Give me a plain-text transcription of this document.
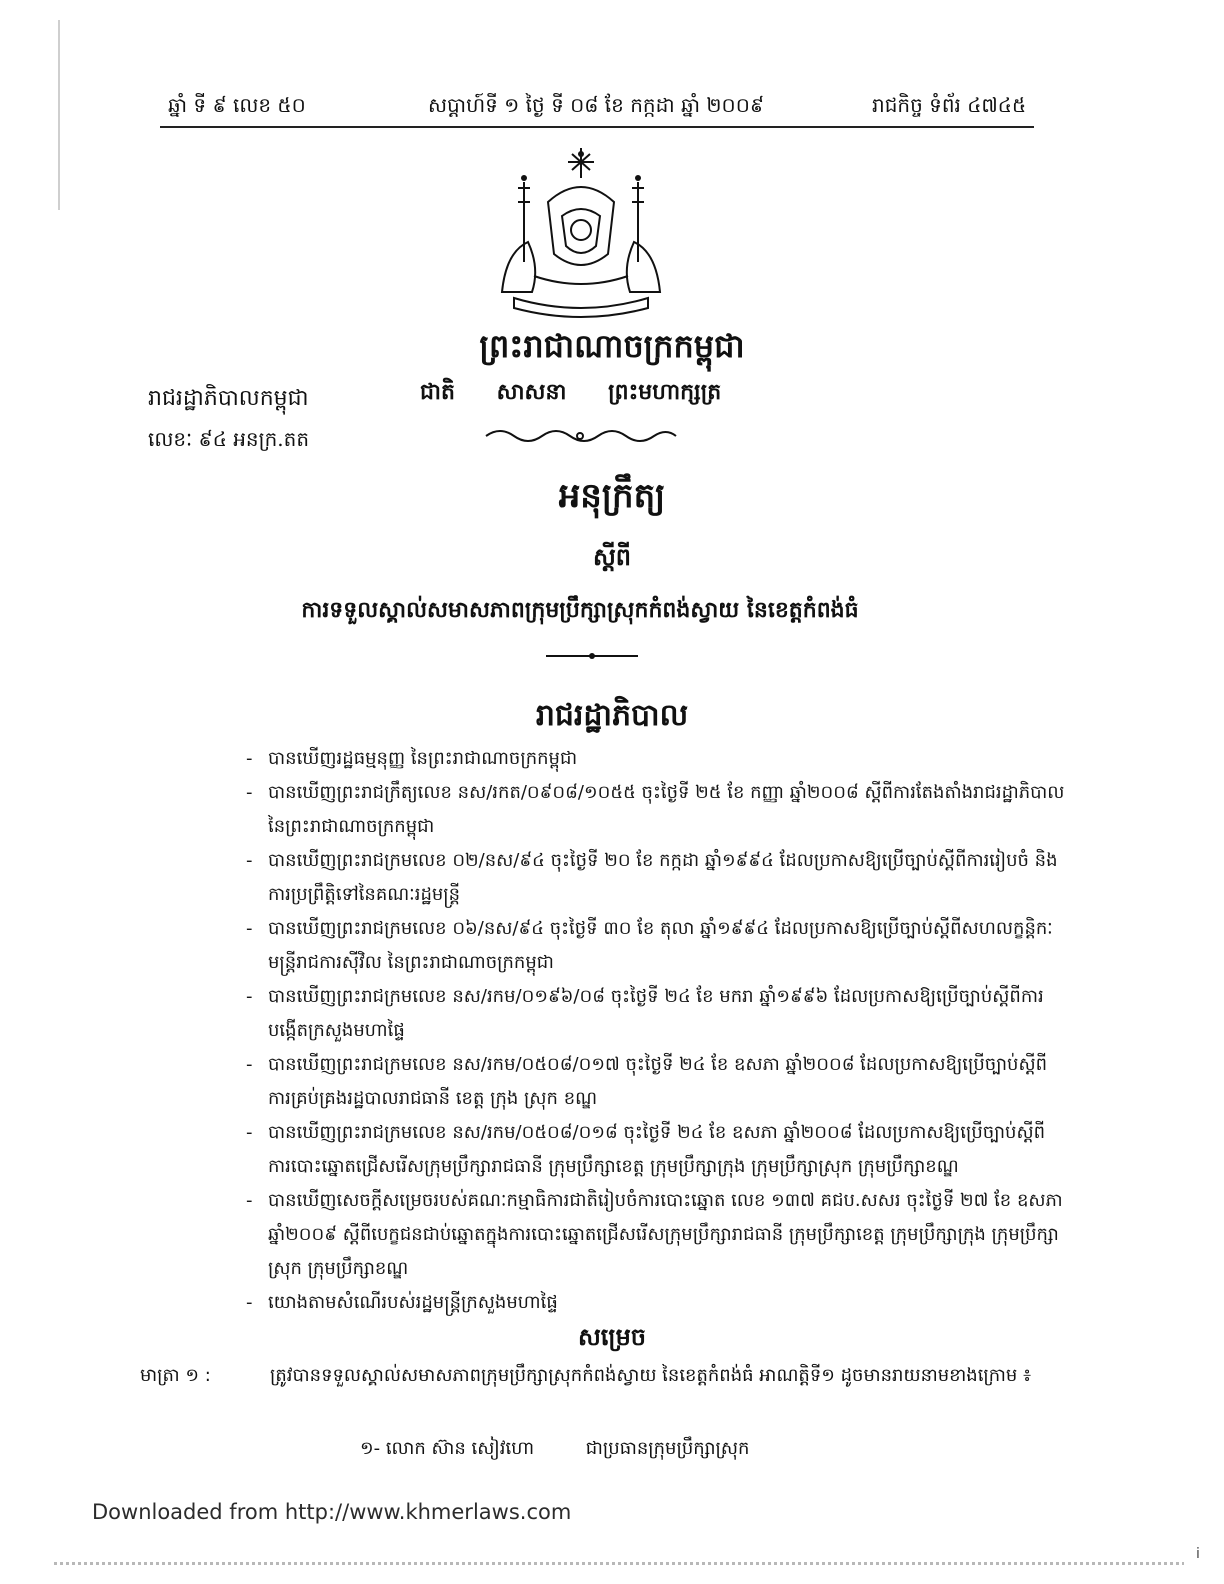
ឆ្នាំ ទី ៩ លេខ ៥០	សប្តាហ៍ទី ១ ថ្ងៃ ទី ០៨ ខែ កក្កដា ឆ្នាំ ២០០៩	រាជកិច្ច ទំព័រ ៤៧៤៥
ព្រះរាជាណាចក្រកម្ពុជា
រាជរដ្ឋាភិបាលកម្ពុជា	ជាតិ សាសនា ព្រះមហាក្សត្រ
លេខៈ ៩៤ អនក្រ.តត
អនុក្រឹត្យ
ស្តីពី
ការទទួលស្គាល់សមាសភាពក្រុមប្រឹក្សាស្រុកកំពង់ស្វាយ នៃខេត្តកំពង់ធំ
រាជរដ្ឋាភិបាល
- បានឃើញរដ្ឋធម្មនុញ្ញ នៃព្រះរាជាណាចក្រកម្ពុជា
- បានឃើញព្រះរាជក្រឹត្យលេខ នស/រកត/០៩០៨/១០៥៥ ចុះថ្ងៃទី ២៥ ខែ កញ្ញា ឆ្នាំ២០០៨ ស្តីពីការតែងតាំងរាជរដ្ឋាភិបាល នៃព្រះរាជាណាចក្រកម្ពុជា
- បានឃើញព្រះរាជក្រមលេខ ០២/នស/៩៤ ចុះថ្ងៃទី ២០ ខែ កក្កដា ឆ្នាំ១៩៩៤ ដែលប្រកាសឱ្យប្រើច្បាប់ស្តីពីការរៀបចំ និងការប្រព្រឹត្តិទៅនៃគណៈរដ្ឋមន្ត្រី
- បានឃើញព្រះរាជក្រមលេខ ០៦/នស/៩៤ ចុះថ្ងៃទី ៣០ ខែ តុលា ឆ្នាំ១៩៩៤ ដែលប្រកាសឱ្យប្រើច្បាប់ស្តីពីសហលក្ខន្តិកៈមន្ត្រីរាជការស៊ីវិល នៃព្រះរាជាណាចក្រកម្ពុជា
- បានឃើញព្រះរាជក្រមលេខ នស/រកម/០១៩៦/០៨ ចុះថ្ងៃទី ២៤ ខែ មករា ឆ្នាំ១៩៩៦ ដែលប្រកាសឱ្យប្រើច្បាប់ស្តីពីការបង្កើតក្រសួងមហាផ្ទៃ
- បានឃើញព្រះរាជក្រមលេខ នស/រកម/០៥០៨/០១៧ ចុះថ្ងៃទី ២៤ ខែ ឧសភា ឆ្នាំ២០០៨ ដែលប្រកាសឱ្យប្រើច្បាប់ស្តីពីការគ្រប់គ្រងរដ្ឋបាលរាជធានី ខេត្ត ក្រុង ស្រុក ខណ្ឌ
- បានឃើញព្រះរាជក្រមលេខ នស/រកម/០៥០៨/០១៨ ចុះថ្ងៃទី ២៤ ខែ ឧសភា ឆ្នាំ២០០៨ ដែលប្រកាសឱ្យប្រើច្បាប់ស្តីពីការបោះឆ្នោតជ្រើសរើសក្រុមប្រឹក្សារាជធានី ក្រុមប្រឹក្សាខេត្ត ក្រុមប្រឹក្សាក្រុង ក្រុមប្រឹក្សាស្រុក ក្រុមប្រឹក្សាខណ្ឌ
- បានឃើញសេចក្តីសម្រេចរបស់គណៈកម្មាធិការជាតិរៀបចំការបោះឆ្នោត លេខ ១៣៧ គជប.សសរ ចុះថ្ងៃទី ២៧ ខែ ឧសភា ឆ្នាំ២០០៩ ស្តីពីបេក្ខជនជាប់ឆ្នោតក្នុងការបោះឆ្នោតជ្រើសរើសក្រុមប្រឹក្សារាជធានី ក្រុមប្រឹក្សាខេត្ត ក្រុមប្រឹក្សាក្រុង ក្រុមប្រឹក្សាស្រុក ក្រុមប្រឹក្សាខណ្ឌ
- យោងតាមសំណើរបស់រដ្ឋមន្ត្រីក្រសួងមហាផ្ទៃ
សម្រេច
មាត្រា ១ :	ត្រូវបានទទួលស្គាល់សមាសភាពក្រុមប្រឹក្សាស្រុកកំពង់ស្វាយ នៃខេត្តកំពង់ធំ អាណត្តិទី១ ដូចមានរាយនាមខាងក្រោម ៖
១- លោក ស៊ាន សៀវហោ	ជាប្រធានក្រុមប្រឹក្សាស្រុក
Downloaded from http://www.khmerlaws.com
i
